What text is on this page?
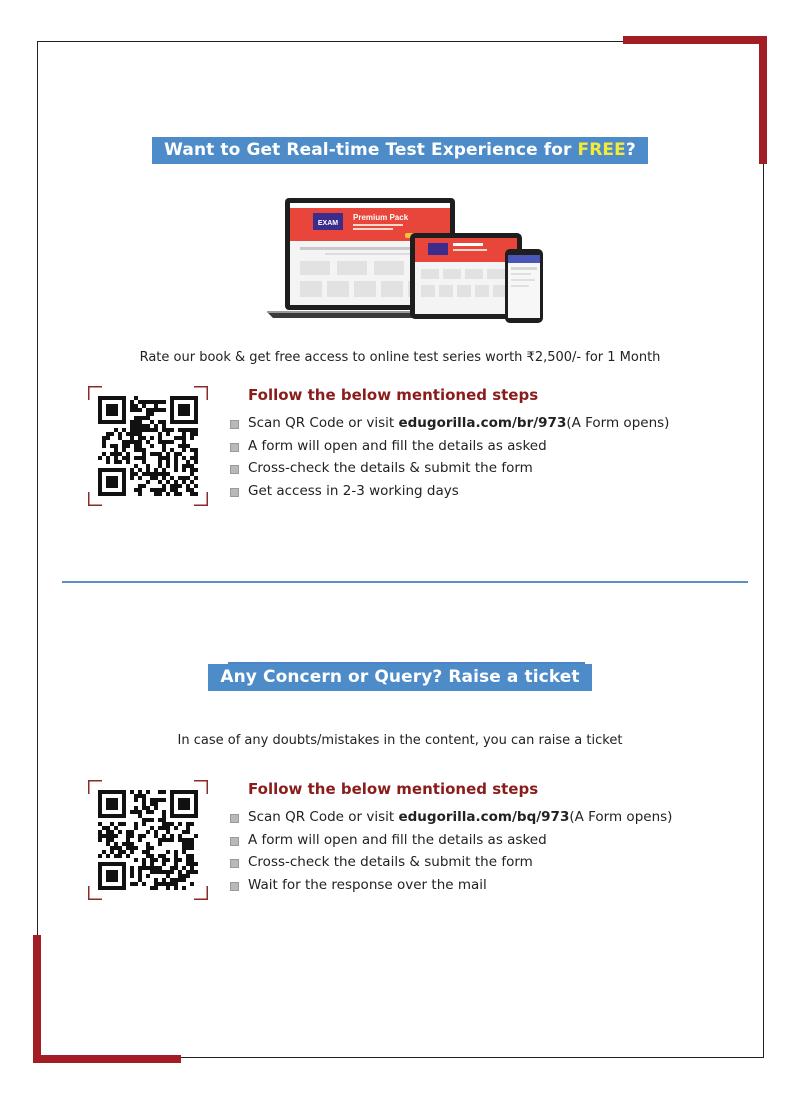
Want to Get Real-time Test Experience for FREE?
EXAM
Premium Pack
Rate our book & get free access to online test series worth ₹2,500/- for 1 Month
Follow the below mentioned steps
Scan QR Code or visit edugorilla.com/br/973(A Form opens)
A form will open and fill the details as asked
Cross-check the details & submit the form
Get access in 2-3 working days
Any Concern or Query? Raise a ticket
In case of any doubts/mistakes in the content, you can raise a ticket
Follow the below mentioned steps
Scan QR Code or visit edugorilla.com/bq/973(A Form opens)
A form will open and fill the details as asked
Cross-check the details & submit the form
Wait for the response over the mail
